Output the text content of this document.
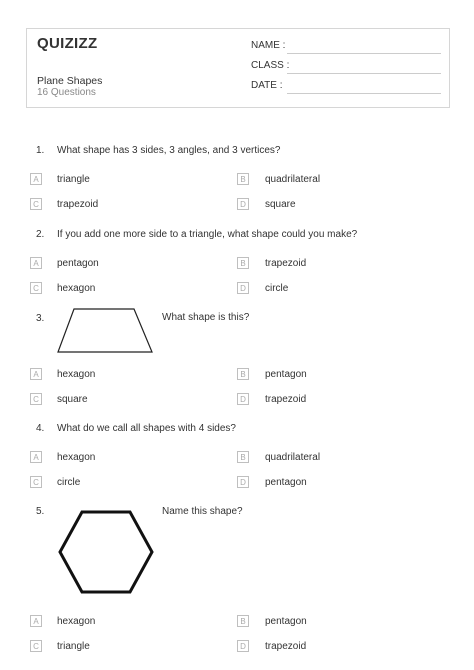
QUIZIZZ
Plane Shapes
16 Questions
NAME :
CLASS :
DATE :
1. What shape has 3 sides, 3 angles, and 3 vertices?
A	triangle	B	quadrilateral
C	trapezoid	D	square
2. If you add one more side to a triangle, what shape could you make?
A	pentagon	B	trapezoid
C	hexagon	D	circle
3.	What shape is this?
A	hexagon	B	pentagon
C	square	D	trapezoid
4. What do we call all shapes with 4 sides?
A	hexagon	B	quadrilateral
C	circle	D	pentagon
5.	Name this shape?
A	hexagon	B	pentagon
C	triangle	D	trapezoid
